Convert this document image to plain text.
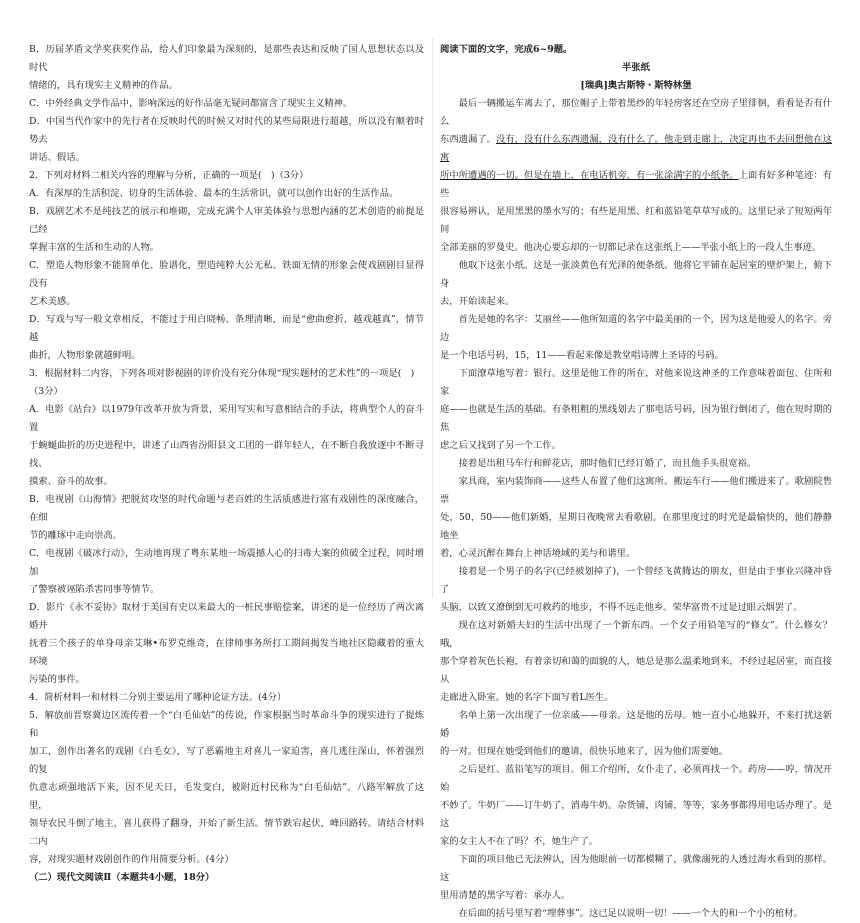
B．历届茅盾文学奖获奖作品，给人们印象最为深刻的，是那些表达和反映了国人思想状态以及时代

情绪的，具有现实主义精神的作品。

C．中外经典文学作品中，影响深远的好作品毫无疑问都富含了现实主义精神。

D．中国当代作家中的先行者在反映时代的时候又对时代的某些局限进行超越，所以没有顺着时势去

讲话、假话。

2．下列对材料二相关内容的理解与分析，正确的一项是(　)（3分）

A．有深厚的生活积淀、切身的生活体验、最本的生活常识，就可以创作出好的生活作品。

B．戏剧艺术不是纯技艺的展示和堆砌，完成充满个人审美体验与思想内涵的艺术创造的前提是已经

掌握丰富的生活和生动的人物。

C．塑造人物形象不能简单化、脸谱化，塑造纯粹大公无私、铁面无情的形象会使戏剧剧目显得没有

艺术美感。

D．写戏与写一般文章相反，不能过于用白晓畅、条理清晰，而是“愈曲愈折，越戏越真”，情节越

曲折，人物形象就越鲜明。

3．根据材料二内容，下列各项对影视剧的评价没有充分体现“现实题材的艺术性”的一项是(　)

（3分）

A．电影《站台》以1979年改革开放为背景，采用写实和写意相结合的手法，将典型个人的奋斗置

于蜿蜒曲折的历史进程中，讲述了山西省汾阳县文工团的一群年轻人，在不断自我放逐中不断寻找、

摸索、奋斗的故事。

B．电视剧《山海情》把脱贫攻坚的时代命题与老百姓的生活质感进行富有戏剧性的深度融合，在细

节的雕琢中走向崇高。

C．电视剧《破冰行动》，生动地再现了粤东某地一场震撼人心的扫毒大案的侦破全过程，同时增加

了警察被诬陷杀害同事等情节。

D．影片《永不妥协》取材于美国有史以来最大的一桩民事赔偿案，讲述的是一位经历了两次离婚并

抚着三个孩子的单身母亲艾琳•布罗克维奇，在律师事务所打工期间揭发当地社区隐藏着的重大环境

污染的事件。

4．简析材料一和材料二分别主要运用了哪种论证方法。(4分）

5．解放前晋察冀边区流传着一个“白毛仙姑”的传说，作家根据当时革命斗争的现实进行了提炼和

加工，创作出著名的戏剧《白毛女》，写了恶霸地主对喜儿一家迫害，喜儿逃往深山，怀着强烈的复

仇意志顽强地活下来，因不见天日，毛发变白，被附近村民称为“白毛仙姑”。八路军解放了这里，

领导农民斗倒了地主，喜儿获得了翻身，开始了新生活。情节跌宕起伏，峰回路转。请结合材料二内

容，对现实题材戏剧创作的作用简要分析。(4分）

（二）现代文阅读Ⅱ（本题共4小题，18分）

阅读下面的文字，完成6~9题。

半张纸

[瑞典]奥古斯特・斯特林堡

最后一辆搬运车离去了，那位帽子上带着黑纱的年轻房客还在空房子里徘徊，看看是否有什么

东西遗漏了。没有，没有什么东西遗漏，没有什么了。他走到走廊上，决定再也不去回想他在这寓

所中所遭遇的一切。但是在墙上，在电话机旁，有一张涂满字的小纸条。上面有好多种笔迹：有些

很容易辨认，是用黑黑的墨水写的；有些是用黑、红和蓝铅笔草草写成的。这里记录了短短两年间

全部美丽的罗曼史。他决心要忘却的一切都记录在这张纸上——半张小纸上的一段人生事迹。

他取下这张小纸。这是一张淡黄色有光泽的便条纸。他将它平铺在起居室的壁炉架上，俯下身

去，开始读起来。

首先是她的名字：艾丽丝——他所知道的名字中最美丽的一个，因为这是他爱人的名字。旁边

是一个电话号码，15，11——看起来像是教堂唱诗牌上圣诗的号码。

下面潦草地写着：银行。这里是他工作的所在，对他来说这神圣的工作意味着面包、住所和家

庭——也就是生活的基础。有条粗粗的黑线划去了那电话号码，因为银行倒闭了，他在短时期的焦

虑之后又找到了另一个工作。

接着是出租马车行和鲜花店，那时他们已经订婚了，而且他手头很宽裕。

家具商，室内装饰商——这些人布置了他们这寓所。搬运车行——他们搬进来了。歌剧院售票

处，50，50——他们新婚，星期日夜晚常去看歌剧。在那里度过的时光是最愉快的，他们静静地坐

着，心灵沉醉在舞台上神话境域的美与和谐里。

接着是一个男子的名字(已经被划掉了)，一个曾经飞黄腾达的朋友，但是由于事业兴隆冲昏了

头脑，以致又潦倒到无可救药的地步，不得不远走他乡。荣华富贵不过是过眼云烟罢了。

现在这对新婚夫妇的生活中出现了一个新东西。一个女子用铅笔写的“修女”。什么修女？哦，

那个穿着灰色长袍，有着亲切和蔼的面貌的人，她总是那么温柔地到来，不经过起居室，而直接从

走廊进入卧室。她的名字下面写着L医生。

名单上第一次出现了一位亲戚——母亲。这是他的岳母。她一直小心地躲开，不来打扰这新婚

的一对。但现在她受到他们的邀请，很快乐地来了，因为他们需要她。

之后是红、蓝铅笔写的项目。佣工介绍所，女仆走了，必须再找一个。药房——哼，情况开始

不妙了。牛奶厂——订牛奶了，消毒牛奶。杂货铺，肉铺，等等，家务事都得用电话办理了。是这

家的女主人不在了吗？不，她生产了。

下面的项目他已无法辨认，因为他眼前一切都模糊了，就像溺死的人透过海水看到的那样。这

里用清楚的黑字写着：承办人。

在后面的括号里写着“埋葬事”。这已足以说明一切！——一个大的和一个小的棺材。
